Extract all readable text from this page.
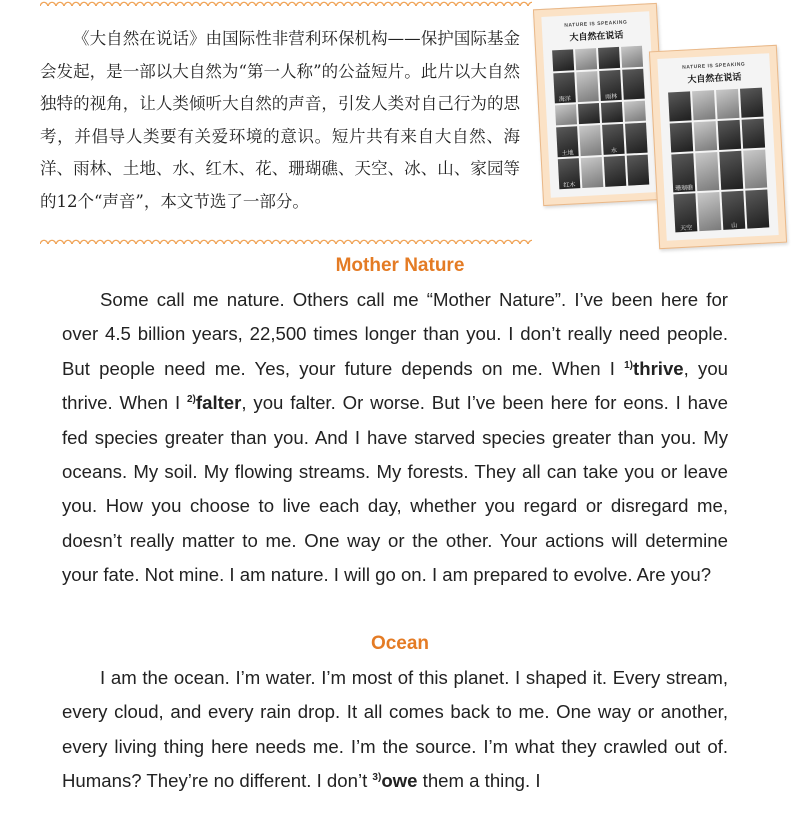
《大自然在说话》由国际性非营利环保机构——保护国际基金会发起，是一部以大自然为“第一人称”的公益短片。此片以大自然独特的视角，让人类倾听大自然的声音，引发人类对自己行为的思考，并倡导人类要有关爱环境的意识。短片共有来自大自然、海洋、雨林、土地、水、红木、花、珊瑚礁、天空、冰、山、家园等的12个“声音”，本文节选了一部分。
NATURE IS SPEAKING
大自然在说话
海洋	雨林
土地	水
红木
NATURE IS SPEAKING
大自然在说话
珊瑚礁
天空	山
Mother Nature

Some call me nature. Others call me “Mother Nature”. I’ve been here for over 4.5 billion years, 22,500 times longer than you. I don’t really need people. But people need me. Yes, your future depends on me. When I $^{1)}$thrive, you thrive. When I $^{2)}$falter, you falter. Or worse. But I’ve been here for eons. I have fed species greater than you. And I have starved species greater than you. My oceans. My soil. My flowing streams. My forests. They all can take you or leave you. How you choose to live each day, whether you regard or disregard me, doesn’t really matter to me. One way or the other. Your actions will determine your fate. Not mine. I am nature. I will go on. I am prepared to evolve. Are you?

Ocean

I am the ocean. I’m water. I’m most of this planet. I shaped it. Every stream, every cloud, and every rain drop. It all comes back to me. One way or another, every living thing here needs me. I’m the source. I’m what they crawled out of. Humans? They’re no different. I don’t $^{3)}$owe them a thing. I
